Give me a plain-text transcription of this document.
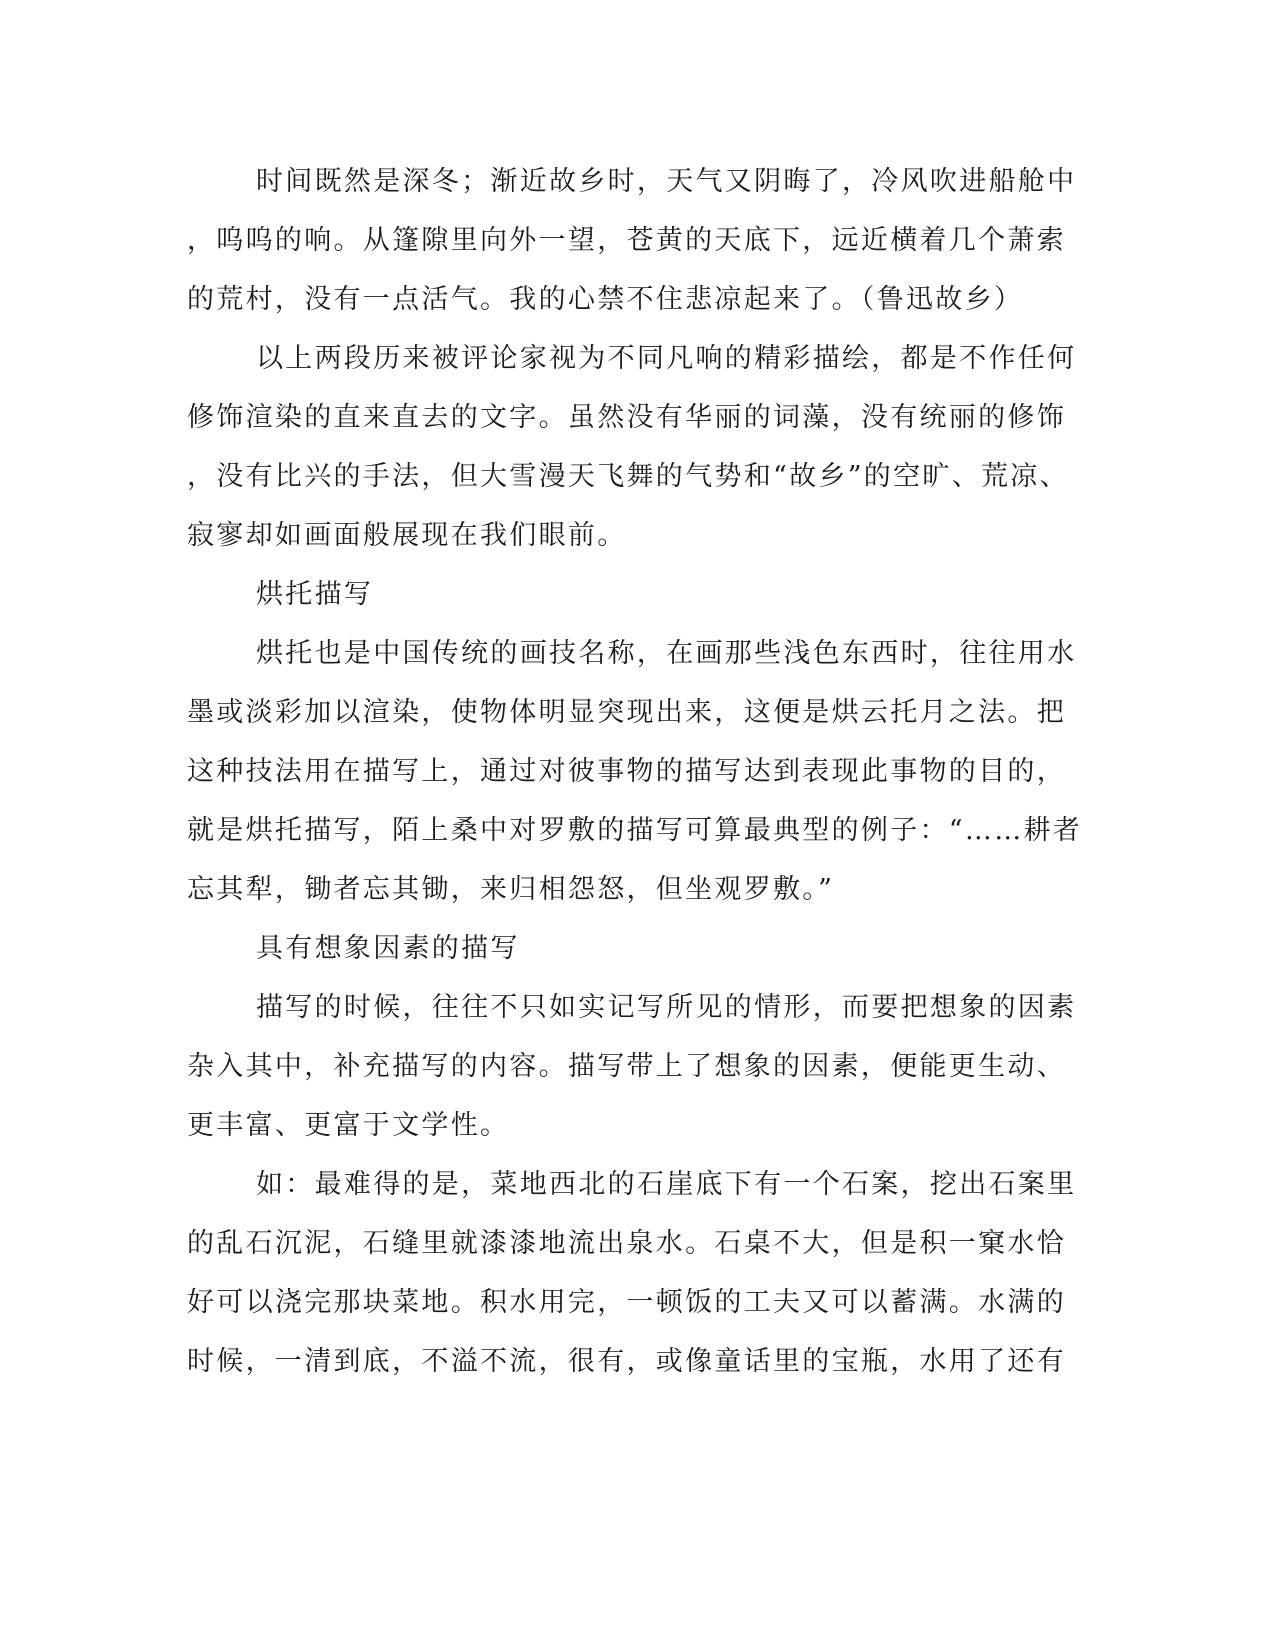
时间既然是深冬；渐近故乡时，天气又阴晦了，冷风吹进船舱中
，呜呜的响。从篷隙里向外一望，苍黄的天底下，远近横着几个萧索
的荒村，没有一点活气。我的心禁不住悲凉起来了。（鲁迅故乡）
以上两段历来被评论家视为不同凡响的精彩描绘，都是不作任何
修饰渲染的直来直去的文字。虽然没有华丽的词藻，没有统丽的修饰
，没有比兴的手法，但大雪漫天飞舞的气势和“故乡”的空旷、荒凉、
寂寥却如画面般展现在我们眼前。
烘托描写
烘托也是中国传统的画技名称，在画那些浅色东西时，往往用水
墨或淡彩加以渲染，使物体明显突现出来，这便是烘云托月之法。把
这种技法用在描写上，通过对彼事物的描写达到表现此事物的目的，
就是烘托描写，陌上桑中对罗敷的描写可算最典型的例子：“……耕者
忘其犁，锄者忘其锄，来归相怨怒，但坐观罗敷。”
具有想象因素的描写
描写的时候，往往不只如实记写所见的情形，而要把想象的因素
杂入其中，补充描写的内容。描写带上了想象的因素，便能更生动、
更丰富、更富于文学性。
如：最难得的是，菜地西北的石崖底下有一个石案，挖出石案里
的乱石沉泥，石缝里就漆漆地流出泉水。石桌不大，但是积一窠水恰
好可以浇完那块菜地。积水用完，一顿饭的工夫又可以蓄满。水满的
时候，一清到底，不溢不流，很有，或像童话里的宝瓶，水用了还有
